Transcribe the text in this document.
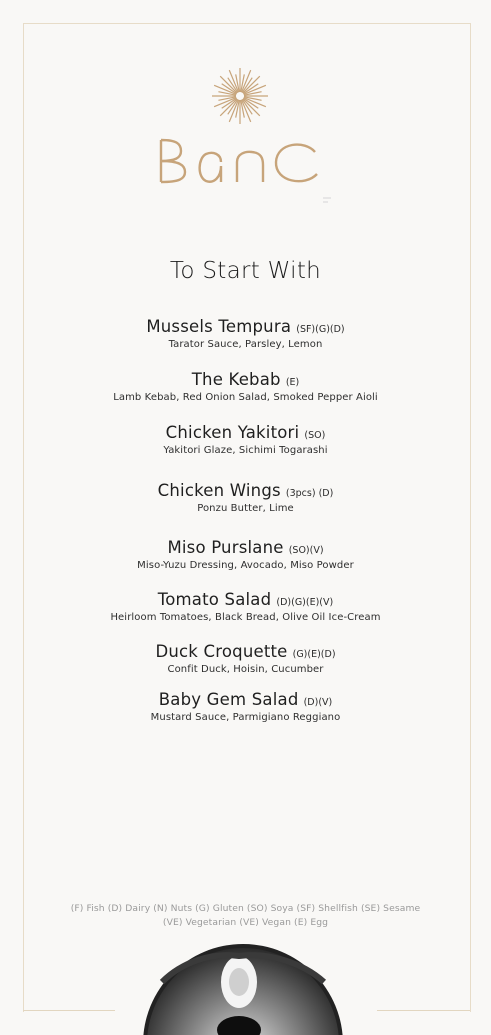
To Start With
Mussels Tempura (SF)(G)(D)
Tarator Sauce, Parsley, Lemon
The Kebab (E)
Lamb Kebab, Red Onion Salad, Smoked Pepper Aioli
Chicken Yakitori (SO)
Yakitori Glaze, Sichimi Togarashi
Chicken Wings (3pcs) (D)
Ponzu Butter, Lime
Miso Purslane (SO)(V)
Miso-Yuzu Dressing, Avocado, Miso Powder
Tomato Salad (D)(G)(E)(V)
Heirloom Tomatoes, Black Bread, Olive Oil Ice-Cream
Duck Croquette (G)(E)(D)
Confit Duck, Hoisin, Cucumber
Baby Gem Salad (D)(V)
Mustard Sauce, Parmigiano Reggiano
(F) Fish (D) Dairy (N) Nuts (G) Gluten (SO) Soya (SF) Shellfish (SE) Sesame
(VE) Vegetarian (VE) Vegan (E) Egg
